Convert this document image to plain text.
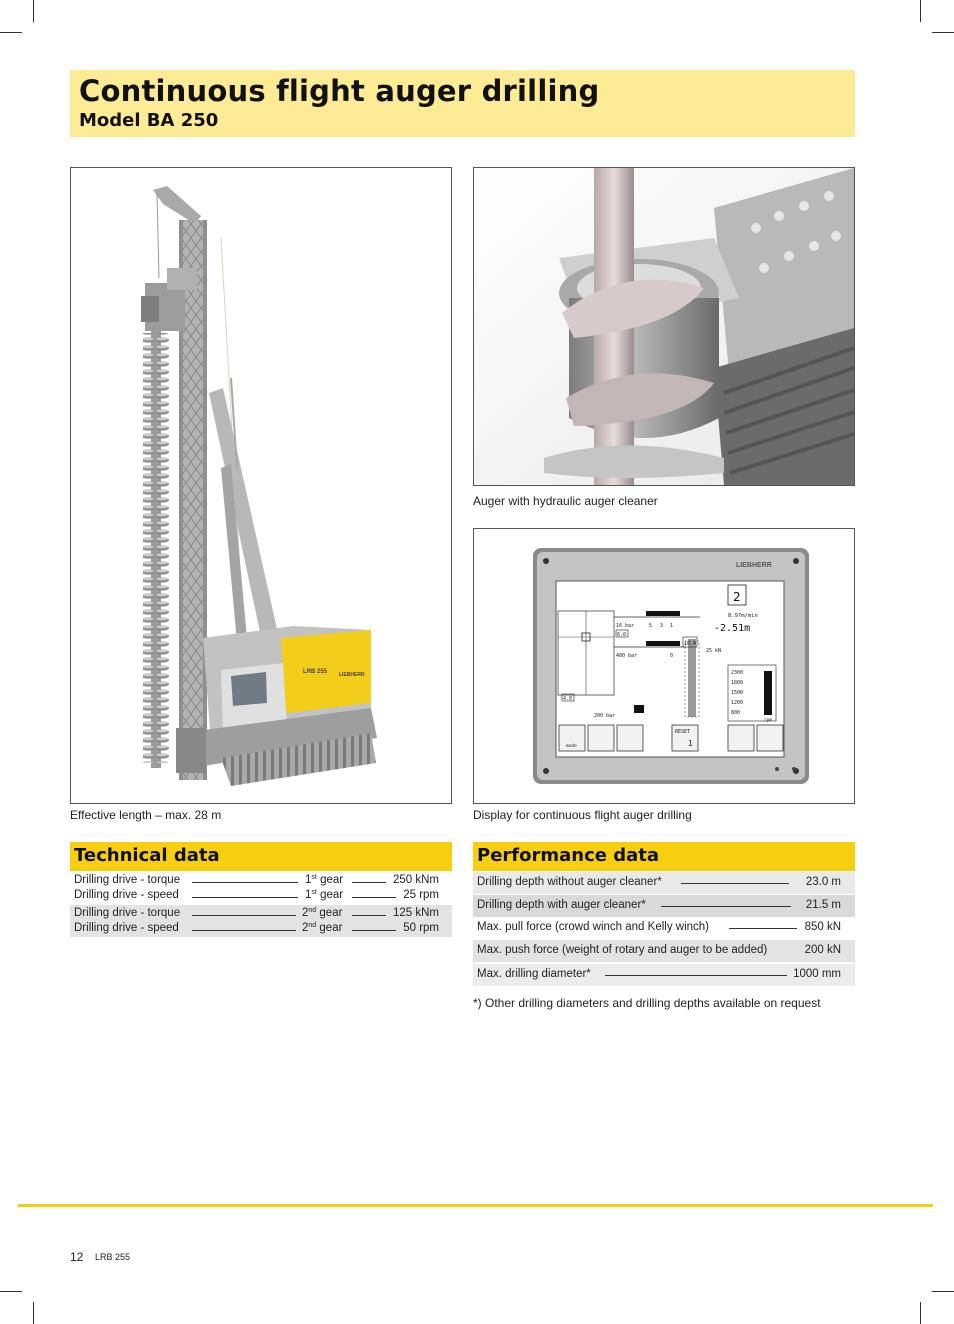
Continuous flight auger drilling
Model BA 250
LRB 255 LIEBHERR
Effective length – max. 28 m
Auger with hydraulic auger cleaner
LIEBHERR
16 bar	5 3 1
6.0
400 bar
4.0
200 bar
0
10.4
2
8.97m/min
-2.51m
25 kN
2300
1800
1500
1200
800
rpm
mode
RESET
1
Display for continuous flight auger drilling
Technical data
Drilling drive - torque	1st gear	250 kNm
Drilling drive - speed	1st gear	25 rpm
Drilling drive - torque	2nd gear	125 kNm
Drilling drive - speed	2nd gear	50 rpm
Performance data
Drilling depth without auger cleaner*	23.0 m
Drilling depth with auger cleaner*	21.5 m
Max. pull force (crowd winch and Kelly winch)	850 kN
Max. push force (weight of rotary and auger to be added)	200 kN
Max. drilling diameter*	1000 mm
*) Other drilling diameters and drilling depths available on request
12 LRB 255
